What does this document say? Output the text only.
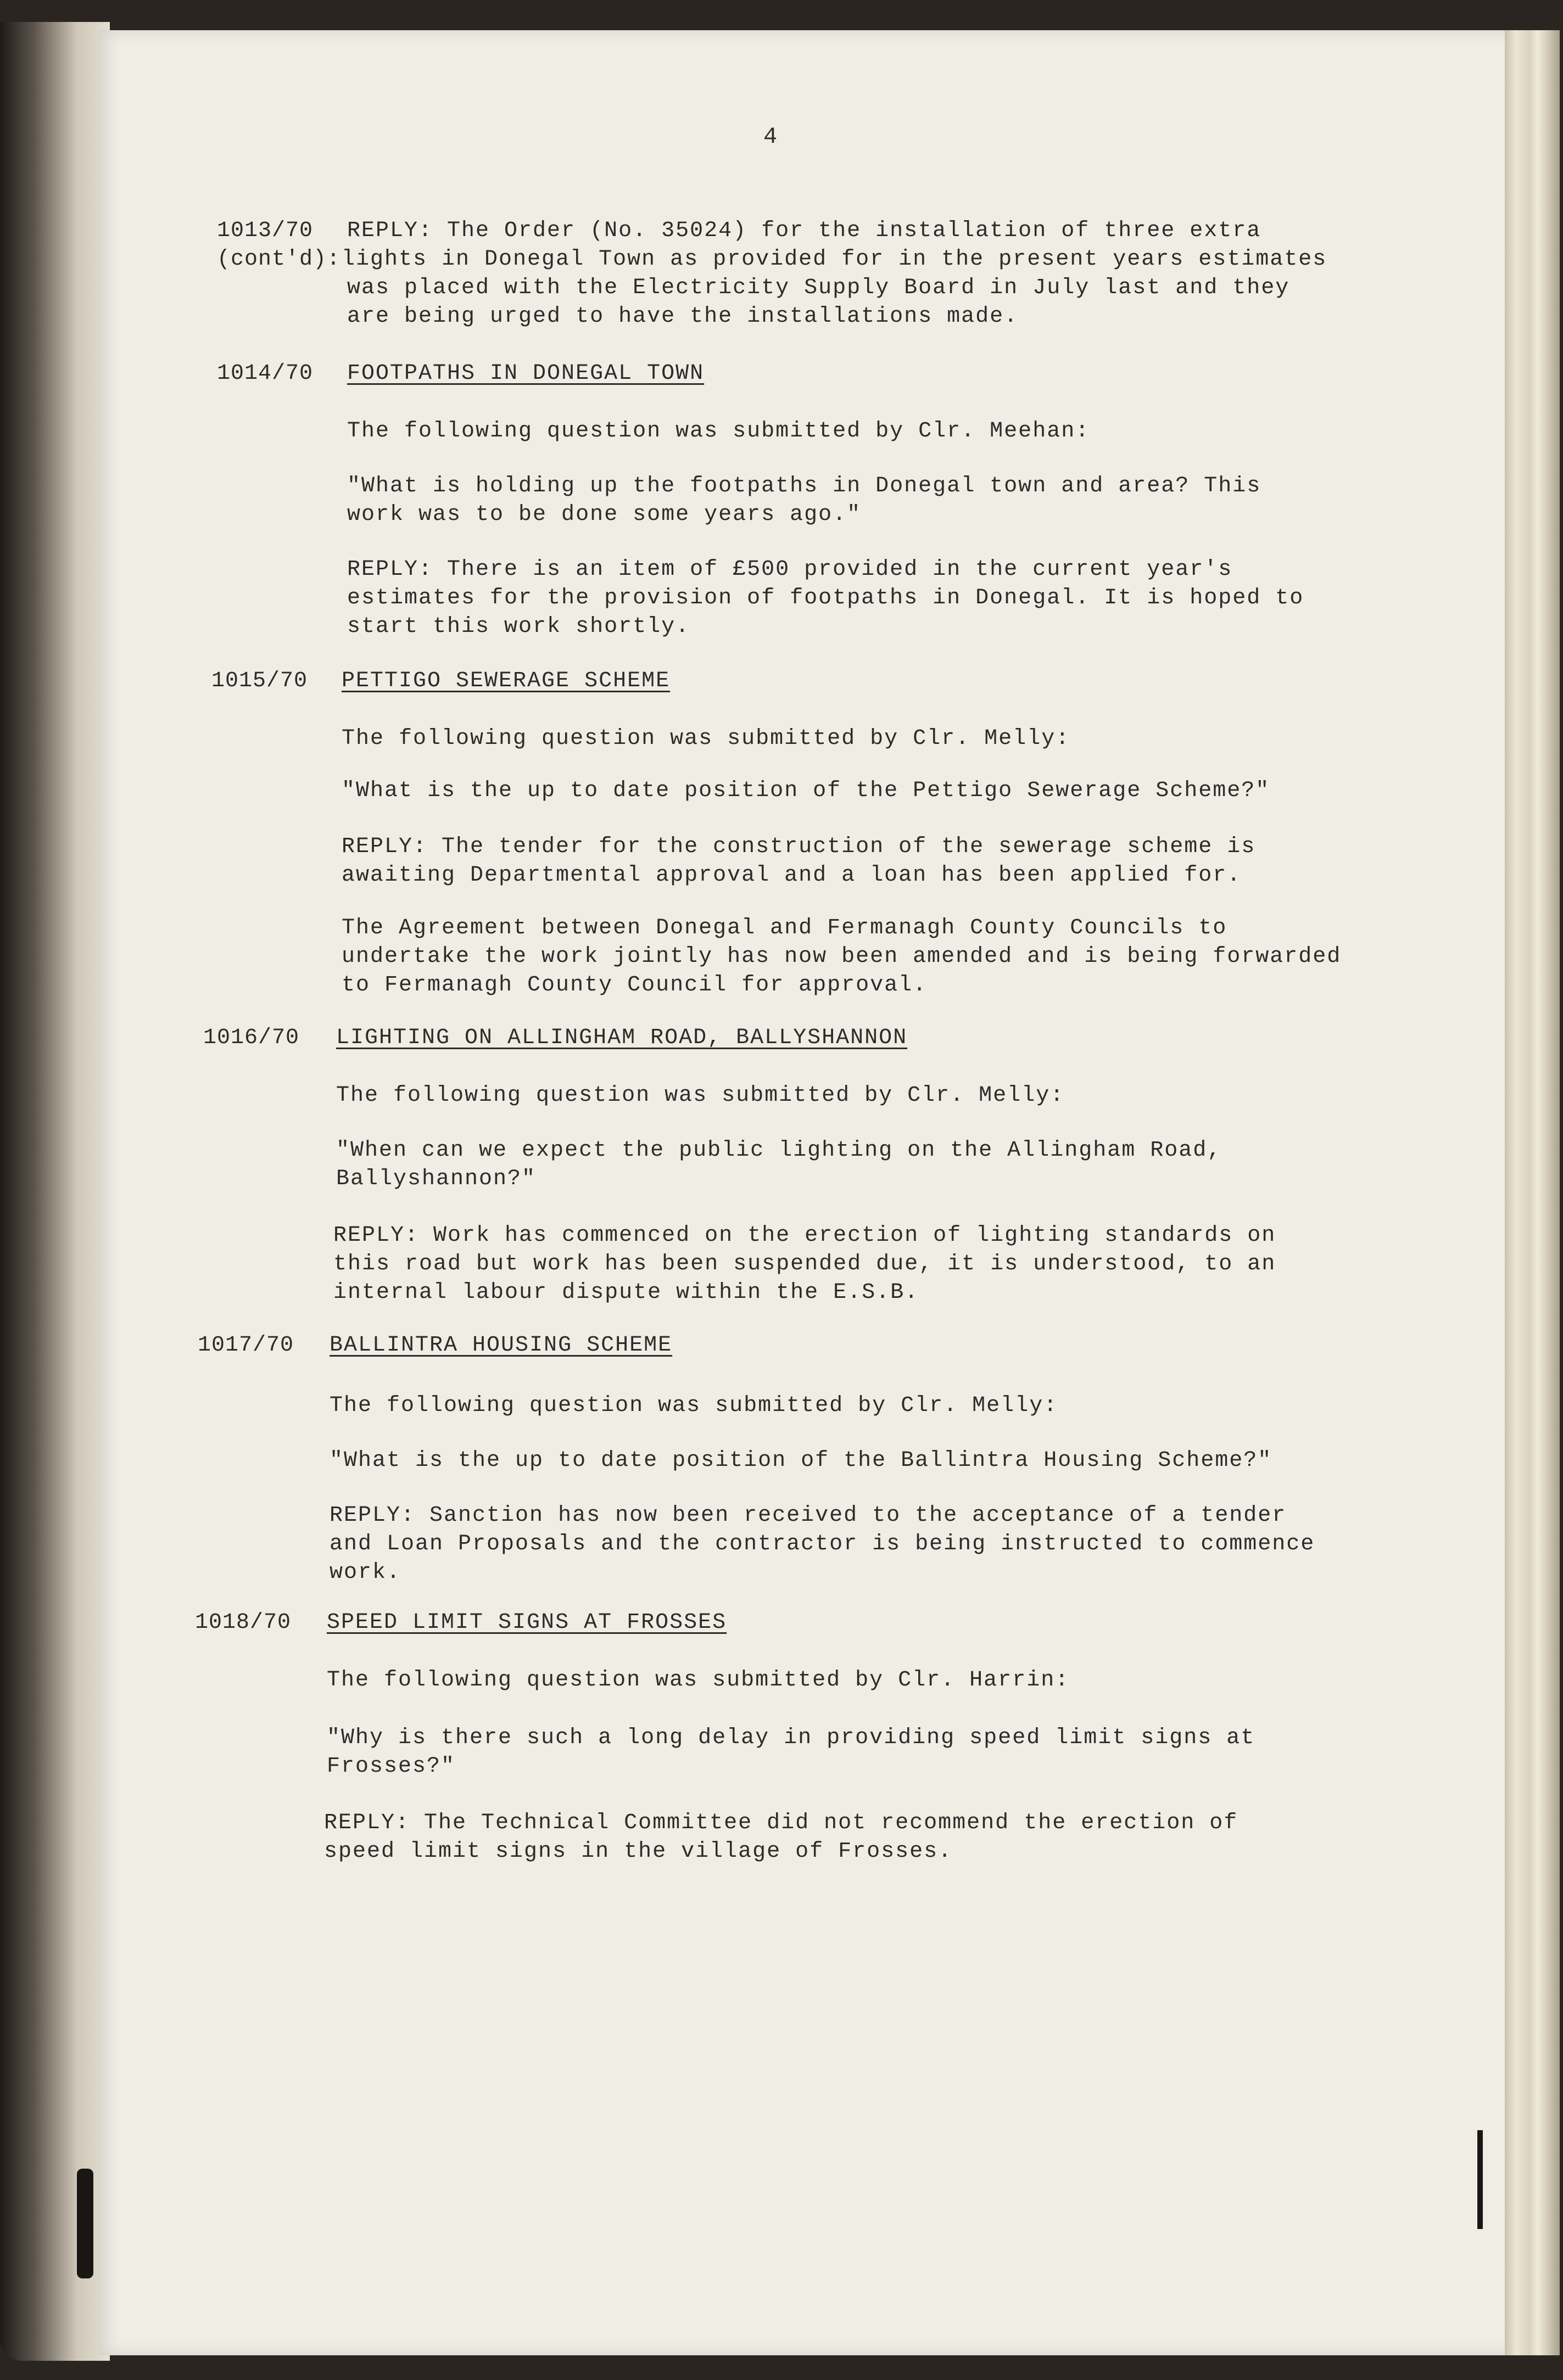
4
1013/70
(cont'd):
REPLY: The Order (No. 35024) for the installation of three extra
lights in Donegal Town as provided for in the present years estimates
was placed with the Electricity Supply Board in July last and they
are being urged to have the installations made.
1014/70 FOOTPATHS IN DONEGAL TOWN
The following question was submitted by Clr. Meehan:
"What is holding up the footpaths in Donegal town and area? This
work was to be done some years ago."
REPLY: There is an item of £500 provided in the current year's
estimates for the provision of footpaths in Donegal. It is hoped to
start this work shortly.
1015/70 PETTIGO SEWERAGE SCHEME
The following question was submitted by Clr. Melly:
"What is the up to date position of the Pettigo Sewerage Scheme?"
REPLY: The tender for the construction of the sewerage scheme is
awaiting Departmental approval and a loan has been applied for.
The Agreement between Donegal and Fermanagh County Councils to
undertake the work jointly has now been amended and is being forwarded
to Fermanagh County Council for approval.
1016/70 LIGHTING ON ALLINGHAM ROAD, BALLYSHANNON
The following question was submitted by Clr. Melly:
"When can we expect the public lighting on the Allingham Road,
Ballyshannon?"
REPLY: Work has commenced on the erection of lighting standards on
this road but work has been suspended due, it is understood, to an
internal labour dispute within the E.S.B.
1017/70 BALLINTRA HOUSING SCHEME
The following question was submitted by Clr. Melly:
"What is the up to date position of the Ballintra Housing Scheme?"
REPLY: Sanction has now been received to the acceptance of a tender
and Loan Proposals and the contractor is being instructed to commence
work.
1018/70 SPEED LIMIT SIGNS AT FROSSES
The following question was submitted by Clr. Harrin:
"Why is there such a long delay in providing speed limit signs at
Frosses?"
REPLY: The Technical Committee did not recommend the erection of
speed limit signs in the village of Frosses.
